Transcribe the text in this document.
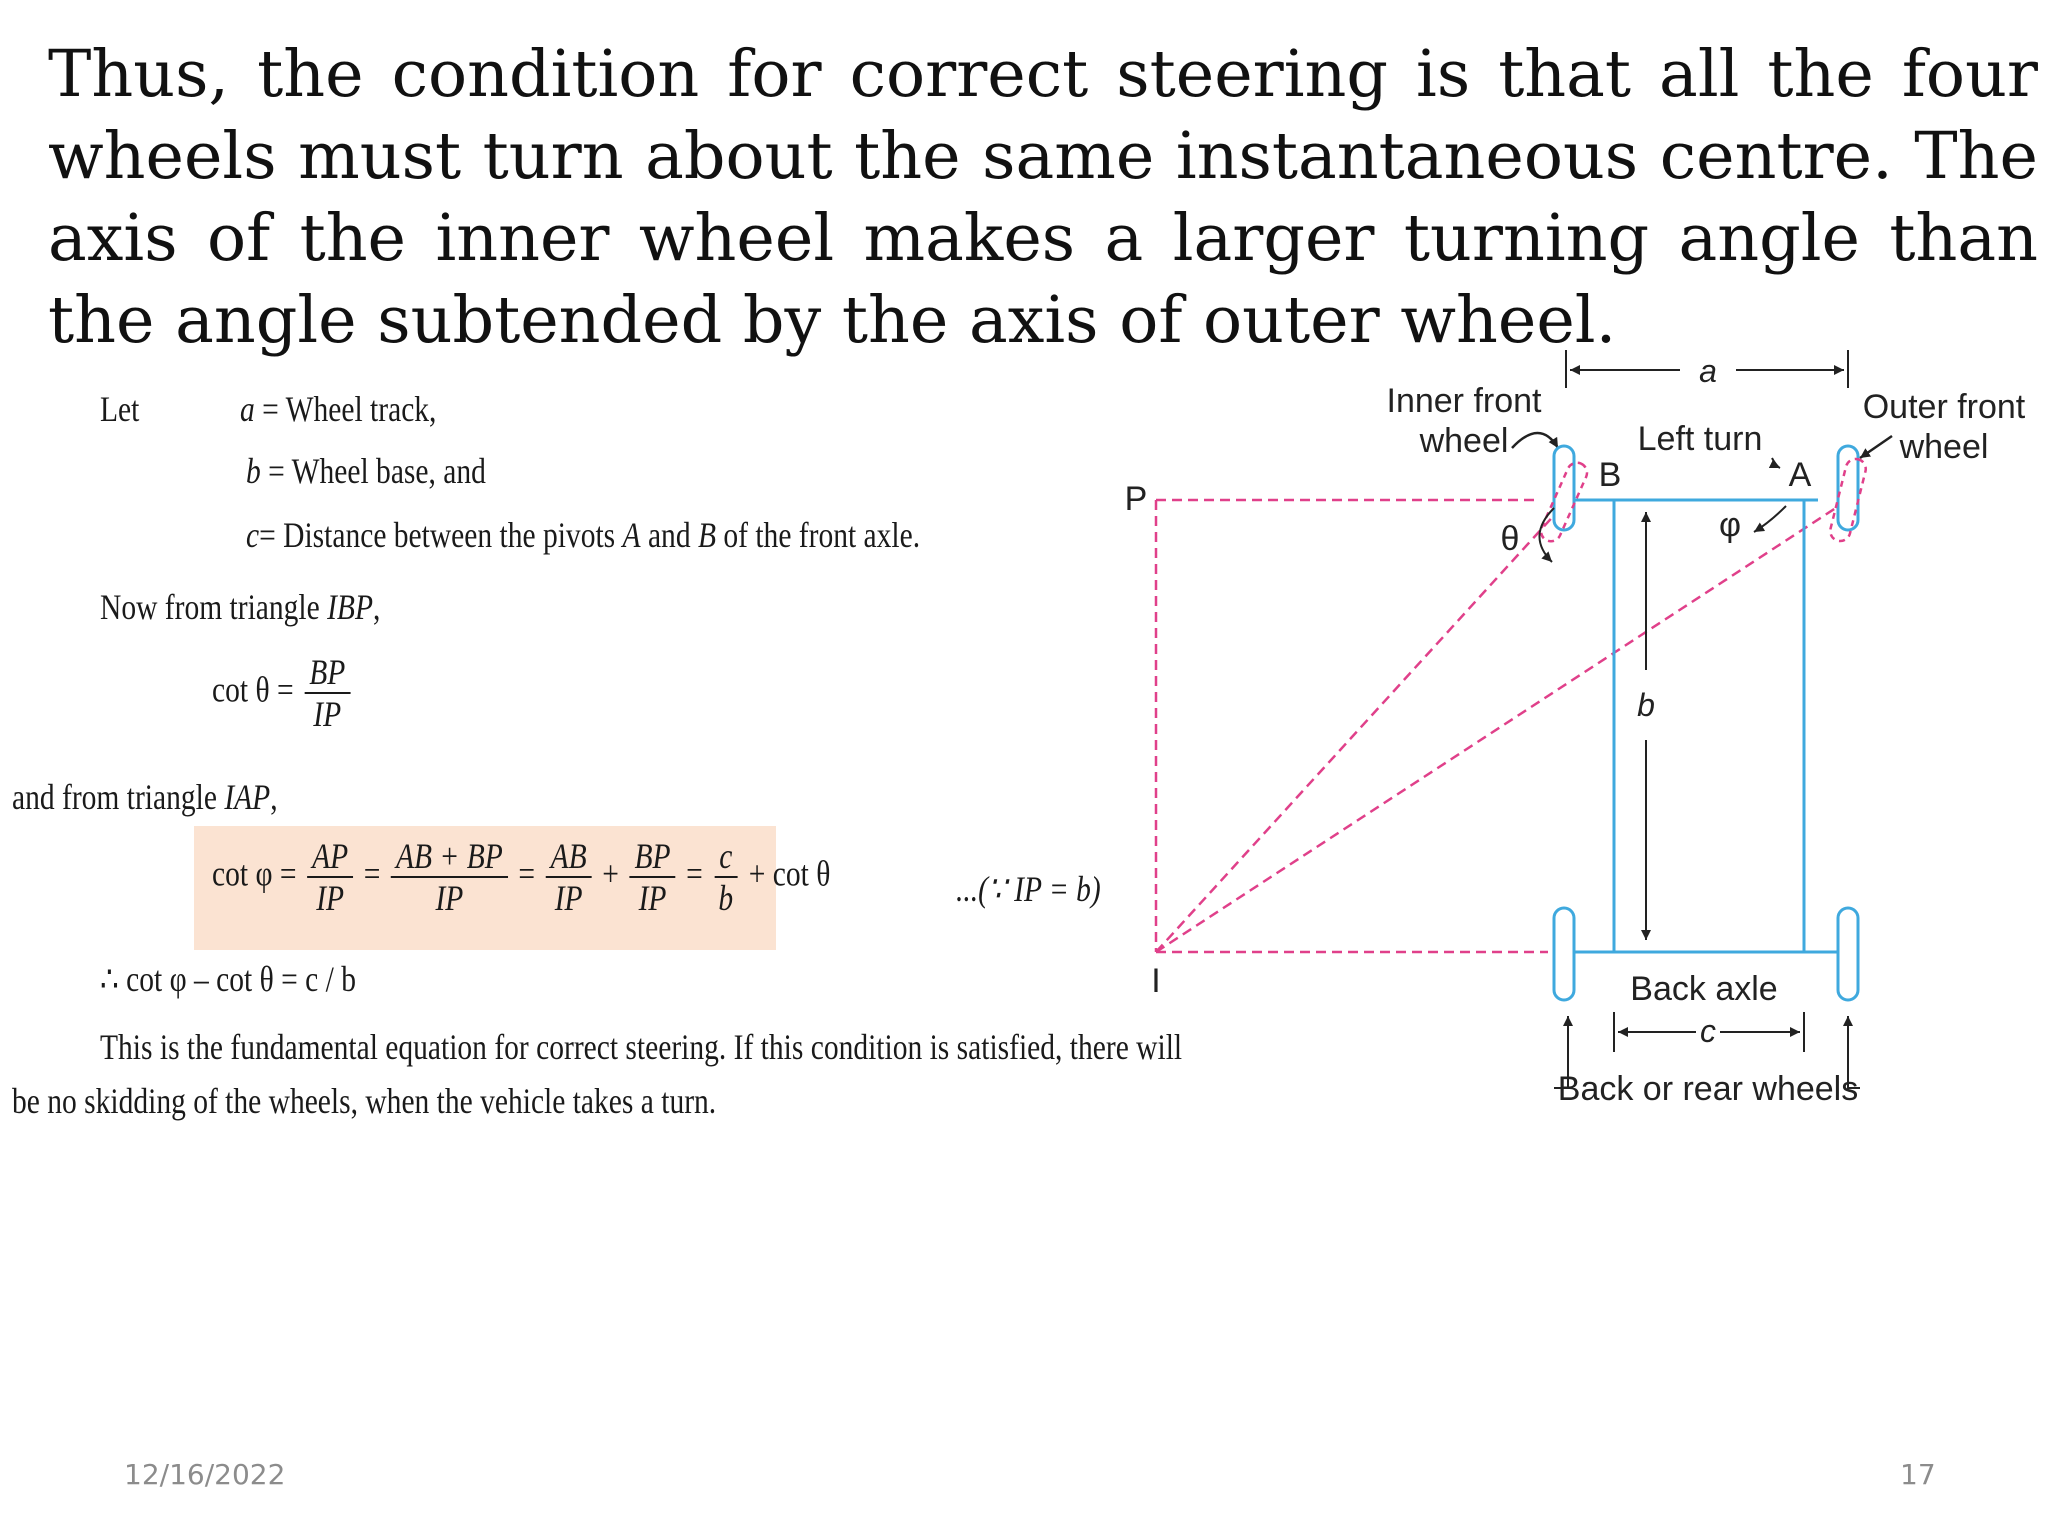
Thus, the condition for correct steering is that all the four wheels must turn about the same instantaneous centre. The axis of the inner wheel makes a larger turning angle than the angle subtended by the axis of outer wheel.

Let	a = Wheel track,
b = Wheel base, and
c= Distance between the pivots A and B of the front axle.
Now from triangle IBP,
$\cot \theta = \frac{BP}{IP}$
and from triangle IAP,
$\cot \varphi = \frac{AP}{IP} = \frac{AB + BP}{IP} = \frac{AB}{IP} + \frac{BP}{IP} = \frac{c}{b} + \cot \theta$	...(∵ IP = b)
∴ cot φ – cot θ = c / b
This is the fundamental equation for correct steering. If this condition is satisfied, there will
be no skidding of the wheels, when the vehicle takes a turn.
a
Inner front
wheel	Left turn
Outer front
wheel
P
I
B	A
θ	φ
b
Back axle
c
Back or rear wheels
12/16/2022	17
